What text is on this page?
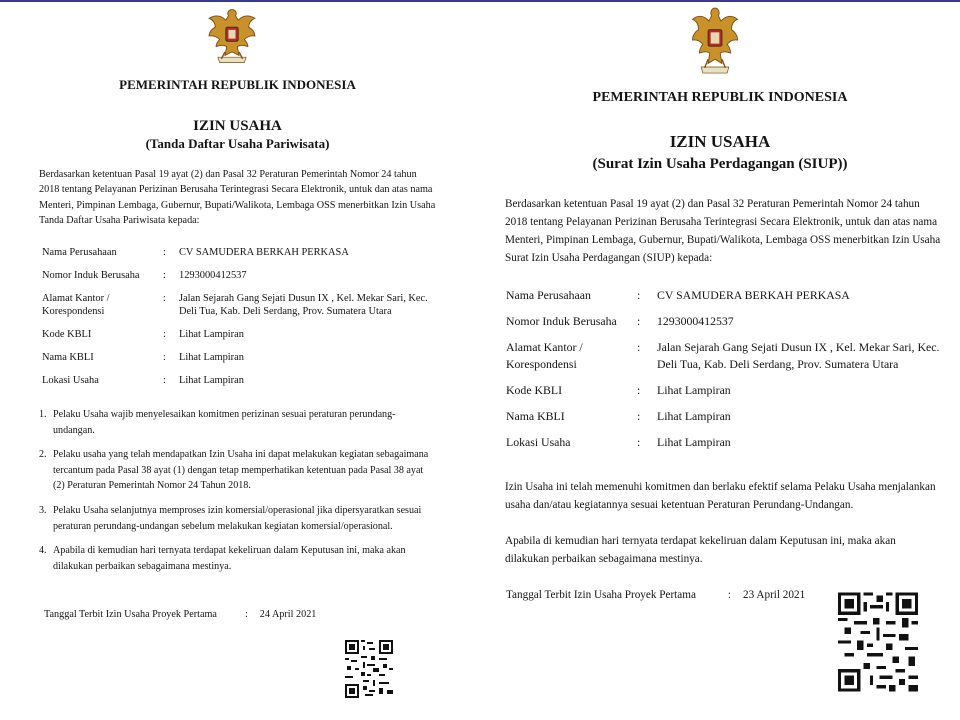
PEMERINTAH REPUBLIK INDONESIA
IZIN USAHA
(Tanda Daftar Usaha Pariwisata)

Berdasarkan ketentuan Pasal 19 ayat (2) dan Pasal 32 Peraturan Pemerintah Nomor 24 tahun
2018 tentang Pelayanan Perizinan Berusaha Terintegrasi Secara Elektronik, untuk dan atas nama
Menteri, Pimpinan Lembaga, Gubernur, Bupati/Walikota, Lembaga OSS menerbitkan Izin Usaha
Tanda Daftar Usaha Pariwisata kepada:

Nama Perusahaan	:	CV SAMUDERA BERKAH PERKASA
Nomor Induk Berusaha	:	1293000412537

Alamat Kantor /
Korespondensi	:	Jalan Sejarah Gang Sejati Dusun IX , Kel. Mekar Sari, Kec.
Deli Tua, Kab. Deli Serdang, Prov. Sumatera Utara

Kode KBLI	:	Lihat Lampiran
Nama KBLI	:	Lihat Lampiran
Lokasi Usaha	:	Lihat Lampiran
1. Pelaku Usaha wajib menyelesaikan komitmen perizinan sesuai peraturan perundang-
undangan.
2. Pelaku usaha yang telah mendapatkan Izin Usaha ini dapat melakukan kegiatan sebagaimana
tercantum pada Pasal 38 ayat (1) dengan tetap memperhatikan ketentuan pada Pasal 38 ayat
(2) Peraturan Pemerintah Nomor 24 Tahun 2018.
3. Pelaku Usaha selanjutnya memproses izin komersial/operasional jika dipersyaratkan sesuai
peraturan perundang-undangan sebelum melakukan kegiatan komersial/operasional.
4. Apabila di kemudian hari ternyata terdapat kekeliruan dalam Keputusan ini, maka akan
dilakukan perbaikan sebagaimana mestinya.
Tanggal Terbit Izin Usaha Proyek Pertama	: 24 April 2021
PEMERINTAH REPUBLIK INDONESIA
IZIN USAHA
(Surat Izin Usaha Perdagangan (SIUP))

Berdasarkan ketentuan Pasal 19 ayat (2) dan Pasal 32 Peraturan Pemerintah Nomor 24 tahun
2018 tentang Pelayanan Perizinan Berusaha Terintegrasi Secara Elektronik, untuk dan atas nama
Menteri, Pimpinan Lembaga, Gubernur, Bupati/Walikota, Lembaga OSS menerbitkan Izin Usaha
Surat Izin Usaha Perdagangan (SIUP) kepada:

Nama Perusahaan	:	CV SAMUDERA BERKAH PERKASA
Nomor Induk Berusaha	:	1293000412537

Alamat Kantor /
Korespondensi	:	Jalan Sejarah Gang Sejati Dusun IX , Kel. Mekar Sari, Kec.
Deli Tua, Kab. Deli Serdang, Prov. Sumatera Utara

Kode KBLI	:	Lihat Lampiran
Nama KBLI	:	Lihat Lampiran
Lokasi Usaha	:	Lihat Lampiran

Izin Usaha ini telah memenuhi komitmen dan berlaku efektif selama Pelaku Usaha menjalankan
usaha dan/atau kegiatannya sesuai ketentuan Peraturan Perundang-Undangan.

Apabila di kemudian hari ternyata terdapat kekeliruan dalam Keputusan ini, maka akan
dilakukan perbaikan sebagaimana mestinya.

Tanggal Terbit Izin Usaha Proyek Pertama	: 23 April 2021
